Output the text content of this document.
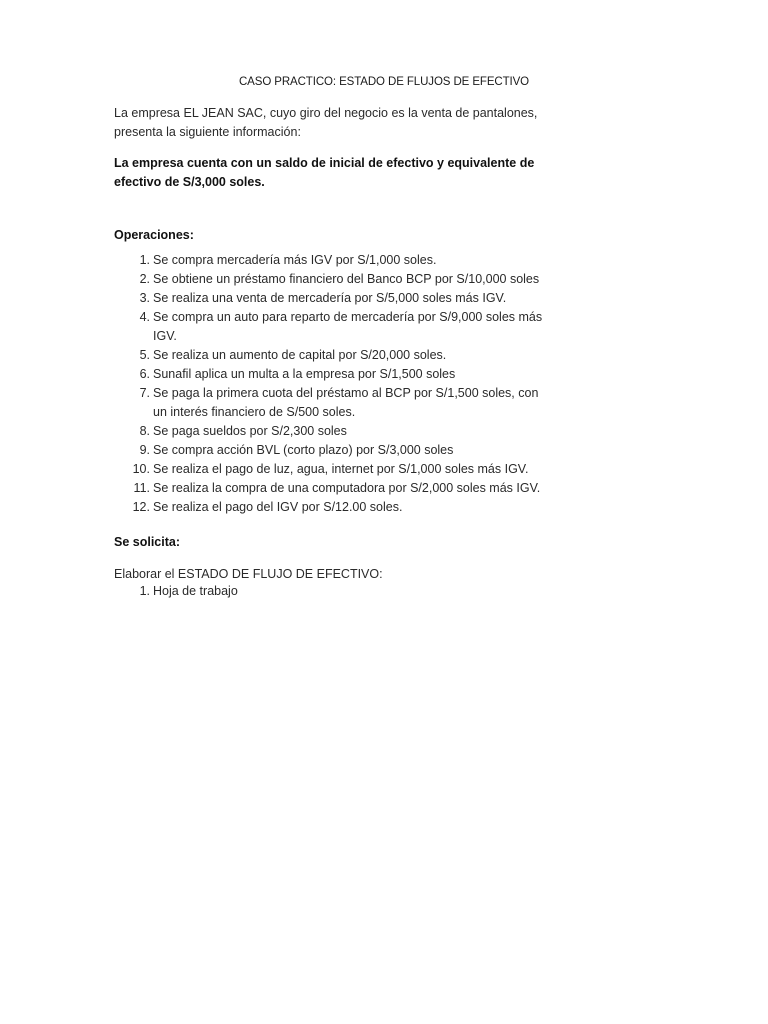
CASO PRACTICO: ESTADO DE FLUJOS DE EFECTIVO
La empresa EL JEAN SAC, cuyo giro del negocio es la venta de pantalones, presenta la siguiente información:
La empresa cuenta con un saldo de inicial de efectivo y equivalente de efectivo de S/3,000 soles.
Operaciones:
1. Se compra mercadería más IGV por S/1,000 soles.
2. Se obtiene un préstamo financiero del Banco BCP por S/10,000 soles
3. Se realiza una venta de mercadería por S/5,000 soles más IGV.
4. Se compra un auto para reparto de mercadería por S/9,000 soles más IGV.
5. Se realiza un aumento de capital por S/20,000 soles.
6. Sunafil aplica un multa a la empresa por S/1,500 soles
7. Se paga la primera cuota del préstamo al BCP por S/1,500 soles, con un interés financiero de S/500 soles.
8. Se paga sueldos por S/2,300 soles
9. Se compra acción BVL (corto plazo) por S/3,000 soles
10. Se realiza el pago de luz, agua, internet por S/1,000 soles más IGV.
11. Se realiza la compra de una computadora por S/2,000 soles más IGV.
12. Se realiza el pago del IGV por S/12.00 soles.
Se solicita:
Elaborar el ESTADO DE FLUJO DE EFECTIVO:
1. Hoja de trabajo
